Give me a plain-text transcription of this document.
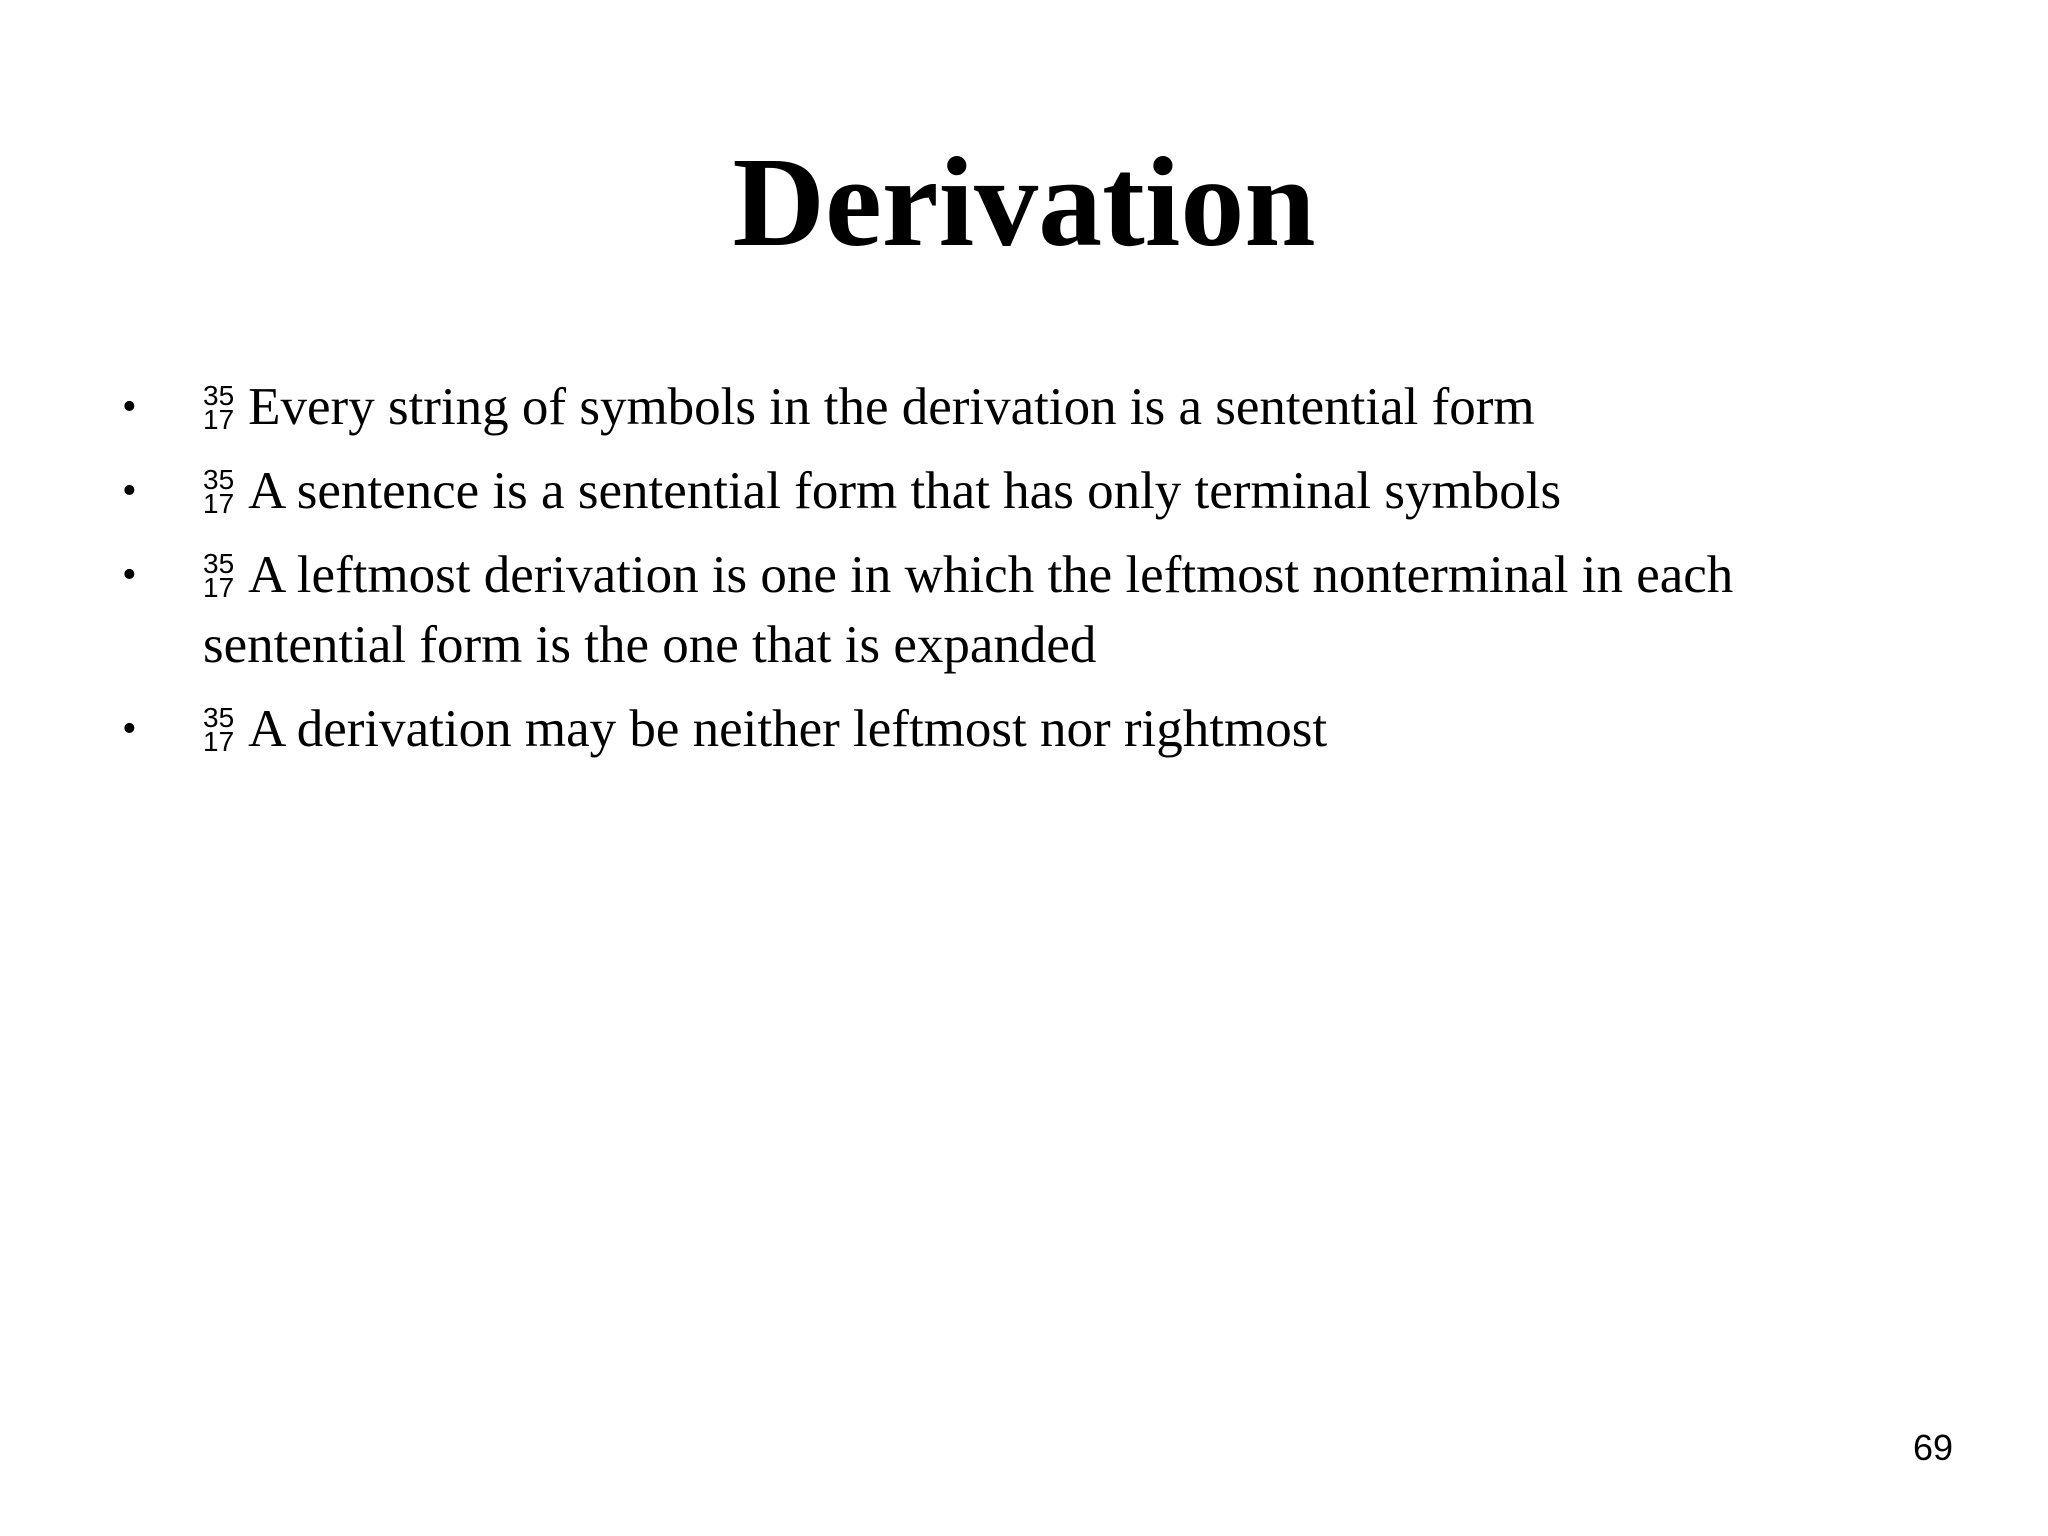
Derivation
• 35
17 Every string of symbols in the derivation is a sentential form
• 35
17 A sentence is a sentential form that has only terminal symbols
• 35
17 A leftmost derivation is one in which the leftmost nonterminal in each sentential form is the one that is expanded
• 35
17 A derivation may be neither leftmost nor rightmost
69
